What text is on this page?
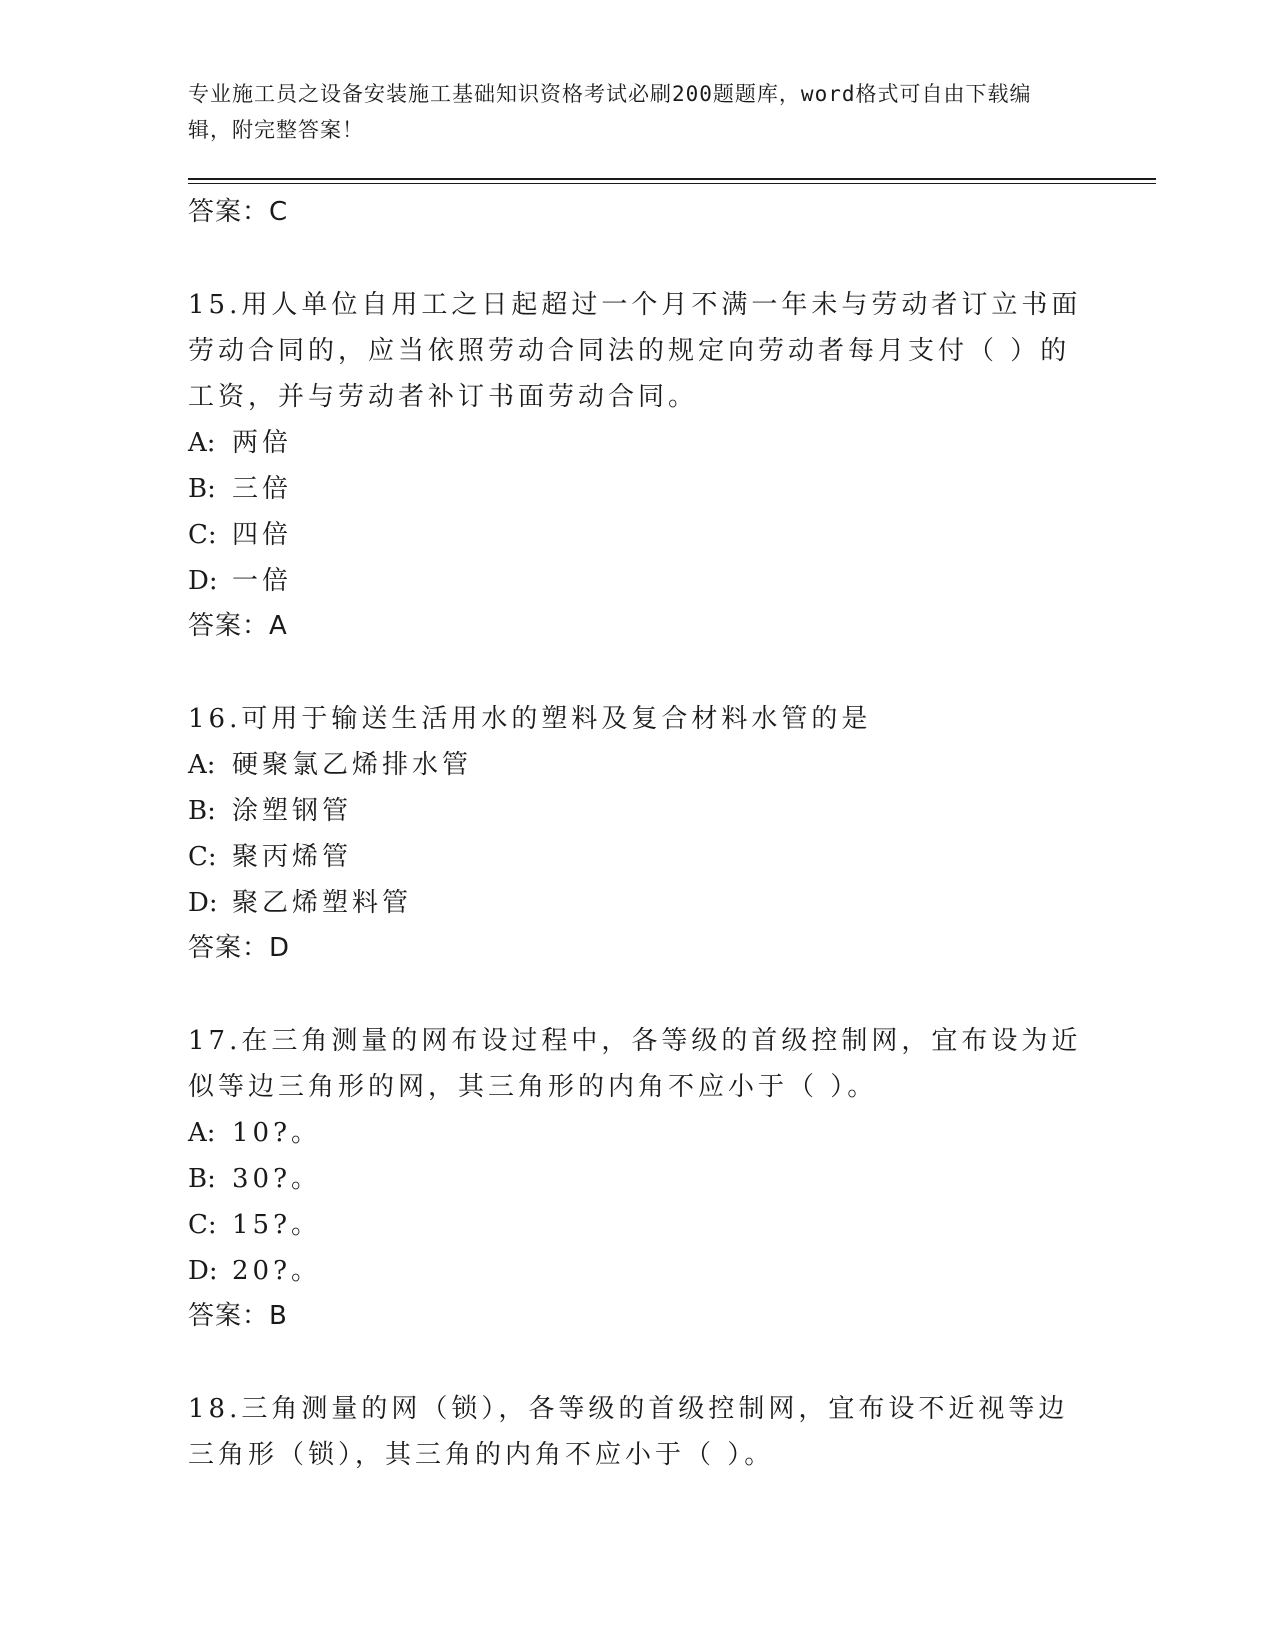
专业施工员之设备安装施工基础知识资格考试必刷200题题库，word格式可自由下载编辑，附完整答案！
答案：C

15.用人单位自用工之日起超过一个月不满一年未与劳动者订立书面劳动合同的，应当依照劳动合同法的规定向劳动者每月支付（ ）的工资，并与劳动者补订书面劳动合同。

A: 两倍
B: 三倍
C: 四倍
D: 一倍
答案：A

16.可用于输送生活用水的塑料及复合材料水管的是

A: 硬聚氯乙烯排水管
B: 涂塑钢管
C: 聚丙烯管
D: 聚乙烯塑料管
答案：D

17.在三角测量的网布设过程中，各等级的首级控制网，宜布设为近似等边三角形的网，其三角形的内角不应小于（ ）。

A: 10?。
B: 30?。
C: 15?。
D: 20?。
答案：B

18.三角测量的网（锁），各等级的首级控制网，宜布设不近视等边三角形（锁），其三角的内角不应小于（ ）。
